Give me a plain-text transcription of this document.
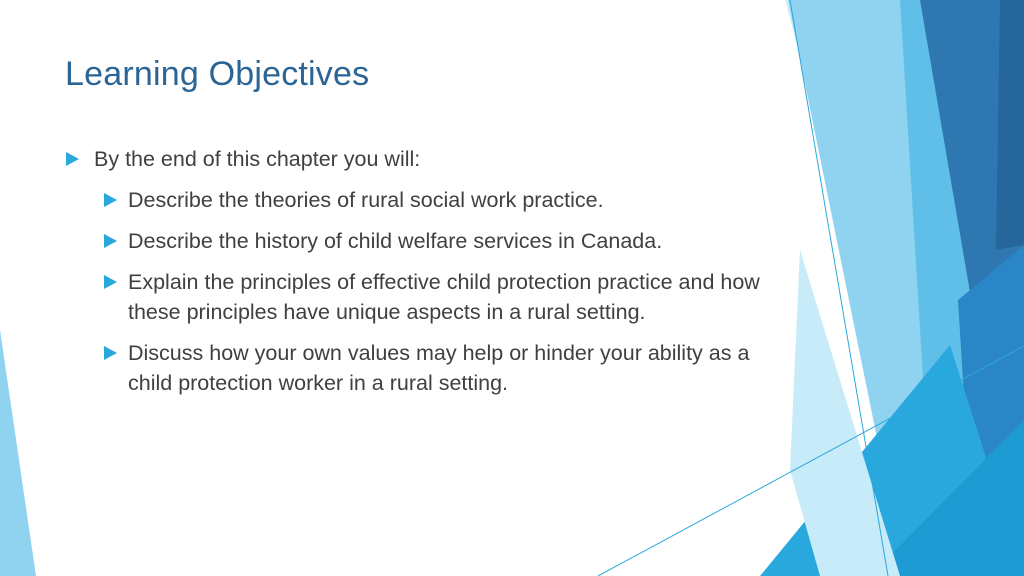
Learning Objectives
By the end of this chapter you will:
Describe the theories of rural social work practice.
Describe the history of child welfare services in Canada.
Explain the principles of effective child protection practice and how these principles have unique aspects in a rural setting.
Discuss how your own values may help or hinder your ability as a child protection worker in a rural setting.
